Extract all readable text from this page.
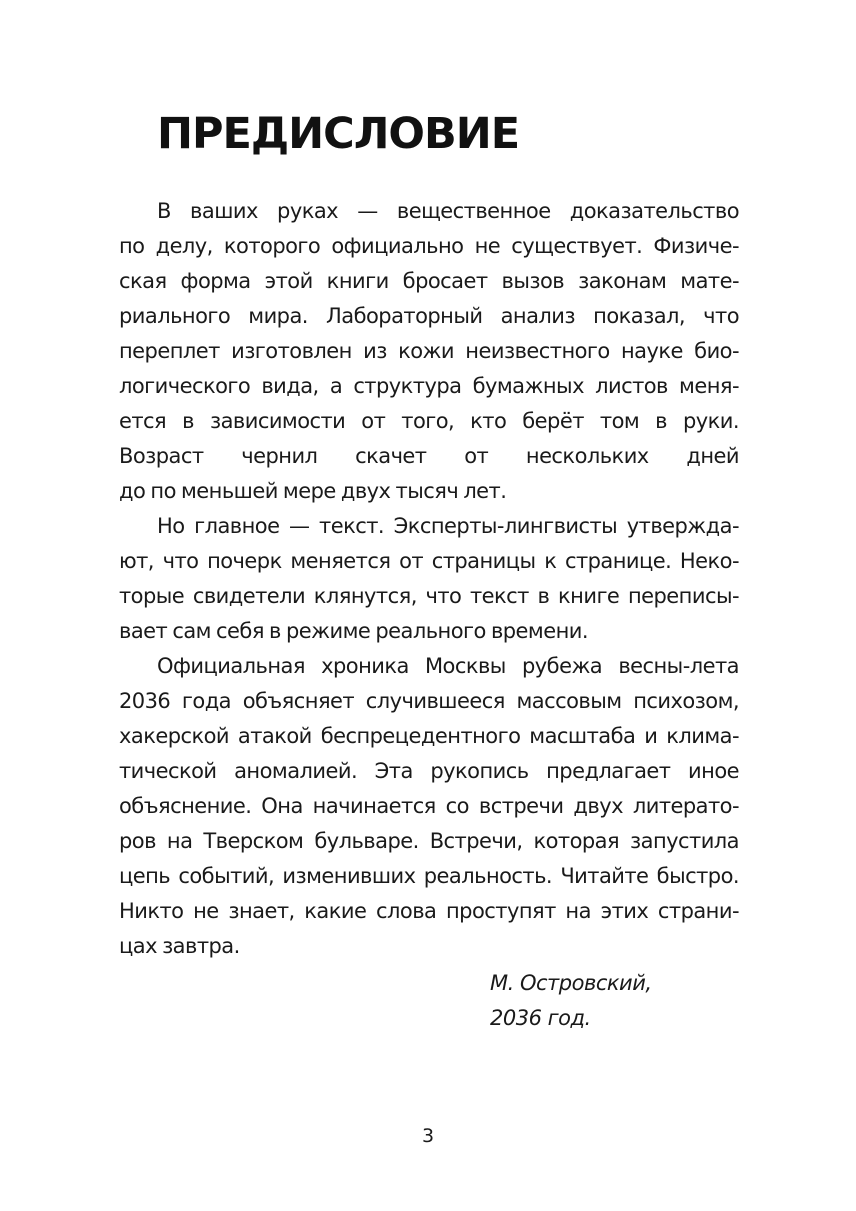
ПРЕДИСЛОВИЕ
В ваших руках — вещественное доказательство
по делу, которого официально не существует. Физиче-
ская форма этой книги бросает вызов законам мате-
риального мира. Лабораторный анализ показал, что
переплет изготовлен из кожи неизвестного науке био-
логического вида, а структура бумажных листов меня-
ется в зависимости от того, кто берёт том в руки.
Возраст чернил скачет от нескольких дней
до по меньшей мере двух тысяч лет.
Но главное — текст. Эксперты-лингвисты утвержда-
ют, что почерк меняется от страницы к странице. Неко-
торые свидетели клянутся, что текст в книге переписы-
вает сам себя в режиме реального времени.
Официальная хроника Москвы рубежа весны-лета
2036 года объясняет случившееся массовым психозом,
хакерской атакой беспрецедентного масштаба и клима-
тической аномалией. Эта рукопись предлагает иное
объяснение. Она начинается со встречи двух литерато-
ров на Тверском бульваре. Встречи, которая запустила
цепь событий, изменивших реальность. Читайте быстро.
Никто не знает, какие слова проступят на этих страни-
цах завтра.
М. Островский,
2036 год.
3
